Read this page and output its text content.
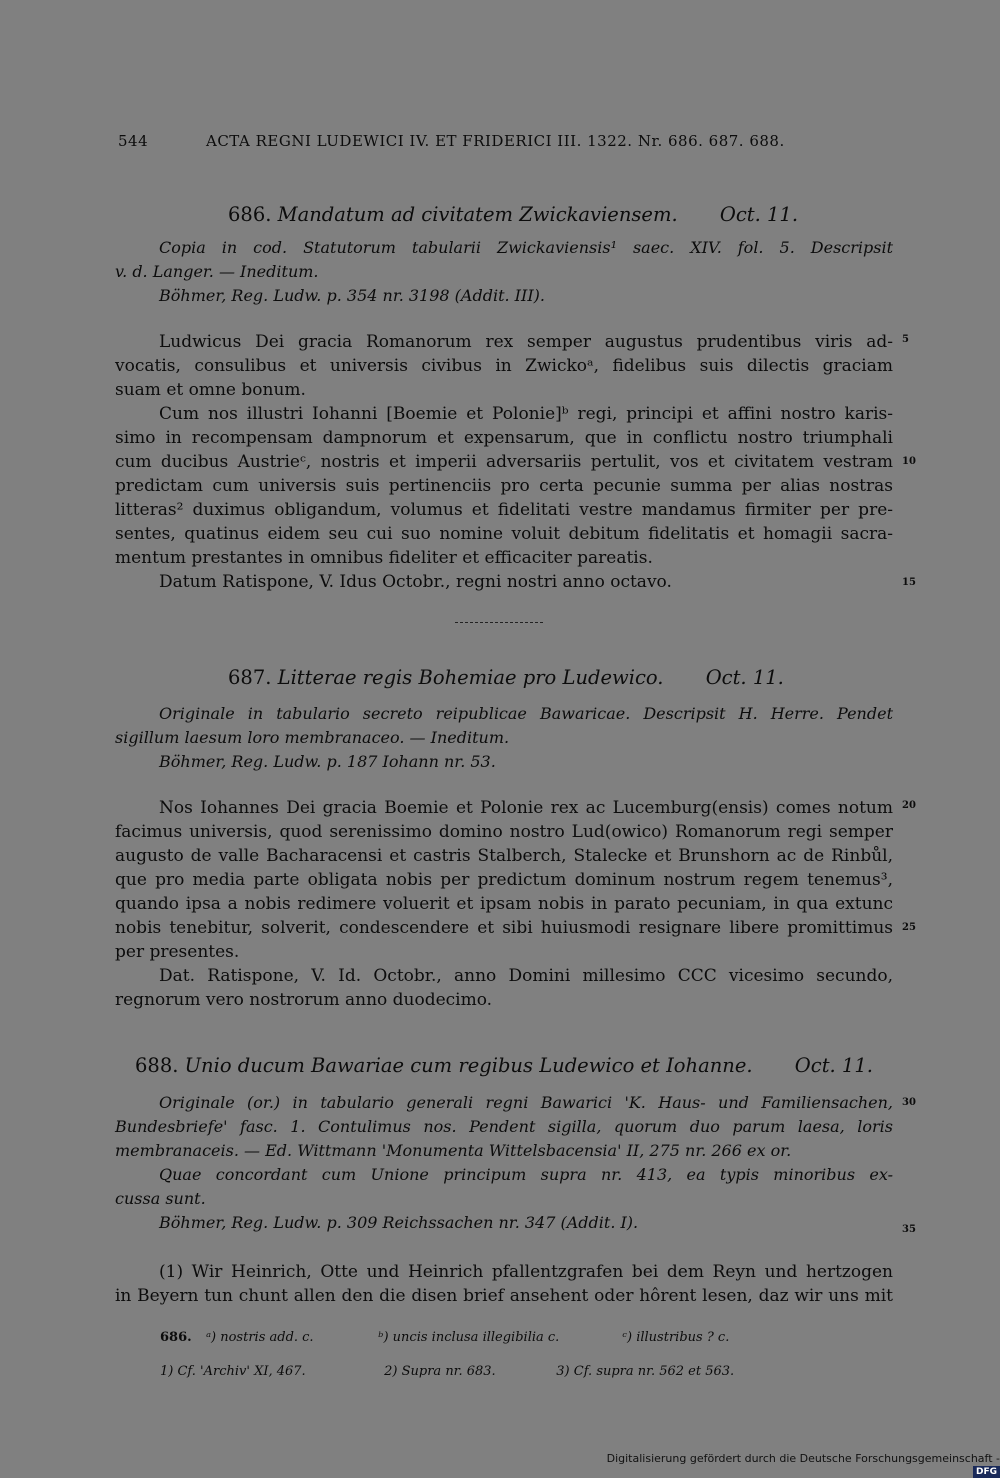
544	ACTA REGNI LUDEWICI IV. ET FRIDERICI III. 1322. Nr. 686. 687. 688.
686. Mandatum ad civitatem Zwickaviensem. Oct. 11.
Copia in cod. Statutorum tabularii Zwickaviensis¹ saec. XIV. fol. 5. Descripsit
v. d. Langer. — Ineditum.
Böhmer, Reg. Ludw. p. 354 nr. 3198 (Addit. III).
Ludwicus Dei gracia Romanorum rex semper augustus prudentibus viris ad-
vocatis, consulibus et universis civibus in Zwickoᵃ, fidelibus suis dilectis graciam
suam et omne bonum.
Cum nos illustri Iohanni [Boemie et Polonie]ᵇ regi, principi et affini nostro karis-
simo in recompensam dampnorum et expensarum, que in conflictu nostro triumphali
cum ducibus Austrieᶜ, nostris et imperii adversariis pertulit, vos et civitatem vestram
predictam cum universis suis pertinenciis pro certa pecunie summa per alias nostras
litteras² duximus obligandum, volumus et fidelitati vestre mandamus firmiter per pre-
sentes, quatinus eidem seu cui suo nomine voluit debitum fidelitatis et homagii sacra-
mentum prestantes in omnibus fideliter et efficaciter pareatis.
Datum Ratispone, V. Idus Octobr., regni nostri anno octavo.
687. Litterae regis Bohemiae pro Ludewico. Oct. 11.
Originale in tabulario secreto reipublicae Bawaricae. Descripsit H. Herre. Pendet
sigillum laesum loro membranaceo. — Ineditum.
Böhmer, Reg. Ludw. p. 187 Iohann nr. 53.
Nos Iohannes Dei gracia Boemie et Polonie rex ac Lucemburg(ensis) comes notum
facimus universis, quod serenissimo domino nostro Lud(owico) Romanorum regi semper
augusto de valle Bacharacensi et castris Stalberch, Stalecke et Brunshorn ac de Rinbůl,
que pro media parte obligata nobis per predictum dominum nostrum regem tenemus³,
quando ipsa a nobis redimere voluerit et ipsam nobis in parato pecuniam, in qua extunc
nobis tenebitur, solverit, condescendere et sibi huiusmodi resignare libere promittimus
per presentes.
Dat. Ratispone, V. Id. Octobr., anno Domini millesimo CCC vicesimo secundo,
regnorum vero nostrorum anno duodecimo.
688. Unio ducum Bawariae cum regibus Ludewico et Iohanne. Oct. 11.
Originale (or.) in tabulario generali regni Bawarici 'K. Haus- und Familiensachen,
Bundesbriefe' fasc. 1. Contulimus nos. Pendent sigilla, quorum duo parum laesa, loris
membranaceis. — Ed. Wittmann 'Monumenta Wittelsbacensia' II, 275 nr. 266 ex or.
Quae concordant cum Unione principum supra nr. 413, ea typis minoribus ex-
cussa sunt.
Böhmer, Reg. Ludw. p. 309 Reichssachen nr. 347 (Addit. I).
(1) Wir Heinrich, Otte und Heinrich pfallentzgrafen bei dem Reyn und hertzogen
in Beyern tun chunt allen den die disen brief ansehent oder hôrent lesen, daz wir uns mit
5
10
15
20
25
30
35
686. ᵃ) nostris add. c.	ᵇ) uncis inclusa illegibilia c.	ᶜ) illustribus ? c.
1) Cf. 'Archiv' XI, 467.	2) Supra nr. 683.	3) Cf. supra nr. 562 et 563.
Digitalisierung gefördert durch die Deutsche Forschungsgemeinschaft -DFG
